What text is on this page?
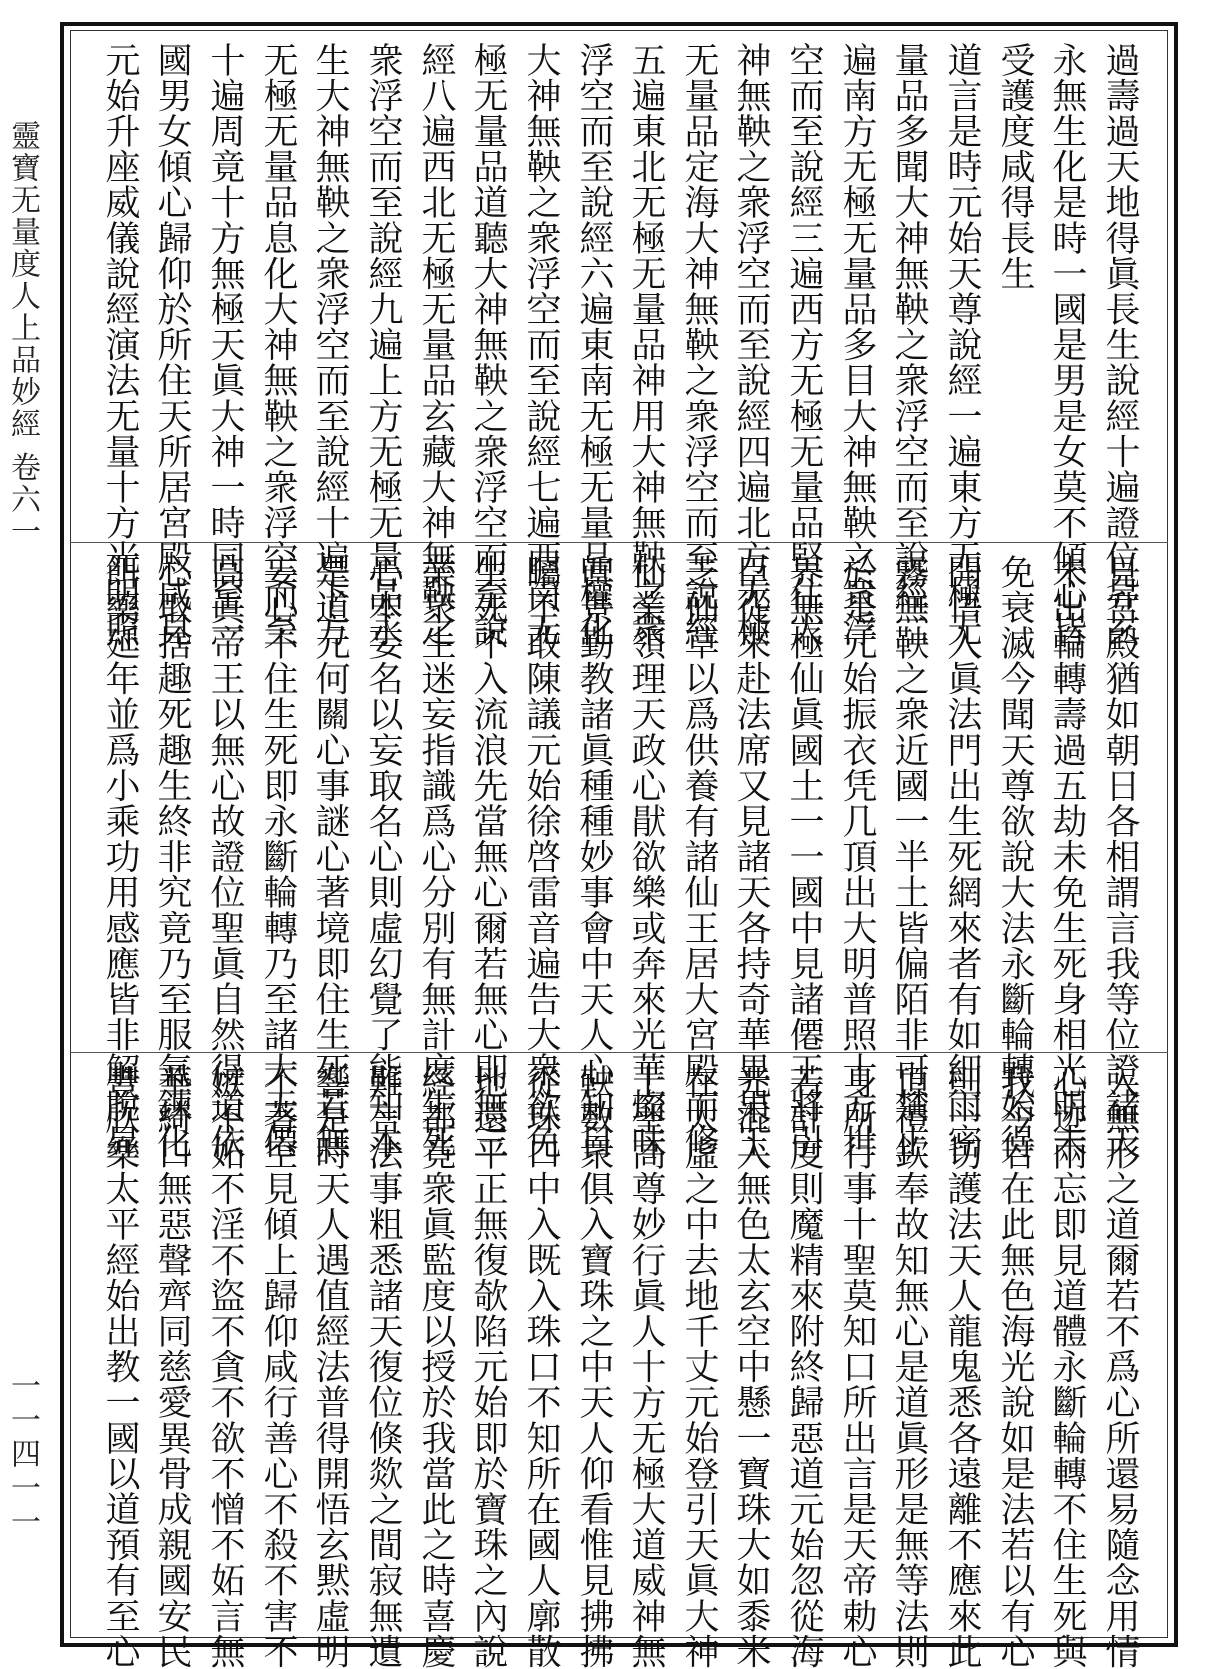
靈寶无量度人上品妙經 卷六一
一一四一一
過壽過天地得眞長生說經十遍證位昇玄
永無生化是時一國是男是女莫不傾心皆
受護度咸得長生
道言是時元始天尊說經一遍東方无極无
量品多聞大神無鞅之衆浮空而至說經二
遍南方无極无量品多目大神無鞅之衆浮
空而至說經三遍西方无極无量品堅住大
神無鞅之衆浮空而至說經四遍北方无極
无量品定海大神無鞅之衆浮空而至說經
五遍東北无極无量品神用大神無鞅之衆
浮空而至說經六遍東南无極无量品權化
大神無鞅之衆浮空而至說經七遍西南无
極无量品道聽大神無鞅之衆浮空而至說
經八遍西北无極无量品玄藏大神無鞅之
衆浮空而至說經九遍上方无極无量品永
生大神無鞅之衆浮空而至說經十遍下方
无極无量品息化大神無鞅之衆浮空而至
十遍周竟十方無極天眞大神一時同至一
國男女傾心歸仰於所住天所居宮殿咸見
元始升座威儀說經演法无量十方光明照
見宮殿猶如朝日各相謂言我等位證諸天
未出輪轉壽過五劫未免生死身相光明未
免衰滅今聞天尊欲說大法永斷輪轉始得
開悟入眞法門出生死網來者有如細雨密
霧無鞅之衆近國一半土皆偏陌非可禁止
於是元始振衣凭几頂出大明普照十方世
界無極仙眞國土一一國中見諸僊王將引
臣從來赴法席又見諸天各持奇華異果玉
芝仙草以爲供養有諸仙王居大宮殿而修
仙業領理天政心猒欲樂或奔來光華燦味
眞景勤教諸眞種種妙事會中天人心知目
矚不敢陳議元始徐啓雷音遍告大衆欲免
生死不入流浪先當無心爾若無心即無三
業衆生迷妄指識爲心分別有無計度生死
心本妄名以妄取名心則虛幻覺了能知本
是道元何關心事謎心著境即住生死若無
妄心不住生死即永斷輪轉乃至諸大天僊
高眞帝王以無心故證位聖眞自然得道依
心取捨趣死趣生終非究竟乃至服氣鍊化
餌藥延年並爲小乘功用感應皆非解脫昇
入無形之道爾若不爲心所還易隨念用情
心迹兩忘即見道體永斷輪轉不住生死與
我今若在此無色海光說如是法若以有心
則一切護法天人龍鬼悉各遠離不應來此
頂禮欽奉故知無心是道眞形是無等法則
身所行事十聖莫知口所出言是天帝勅心
若計度則魔精來附終歸惡道元始忽從海
光混入無色太玄空中懸一寶珠大如黍米
在太虛之中去地千丈元始登引天眞大神
上聖高尊妙行眞人十方无極大道威神無
鞅數衆俱入寶珠之中天人仰看惟見拂拂
從珠口中入既入珠口不知所在國人廓散
地還平正無復欹陷元始即於寶珠之內說
經都竟衆眞監度以授於我當此之時喜慶
難言法事粗悉諸天復位倏欻之間寂無遺
響是時天人遇值經法普得開悟玄黙虛明
不著空見傾上歸仰咸行善心不殺不害不
嫉不妬不淫不盜不貪不欲不憎不妬言無
華綺口無惡聲齊同慈愛異骨成親國安民
豐欣樂太平經始出教一國以道預有至心
